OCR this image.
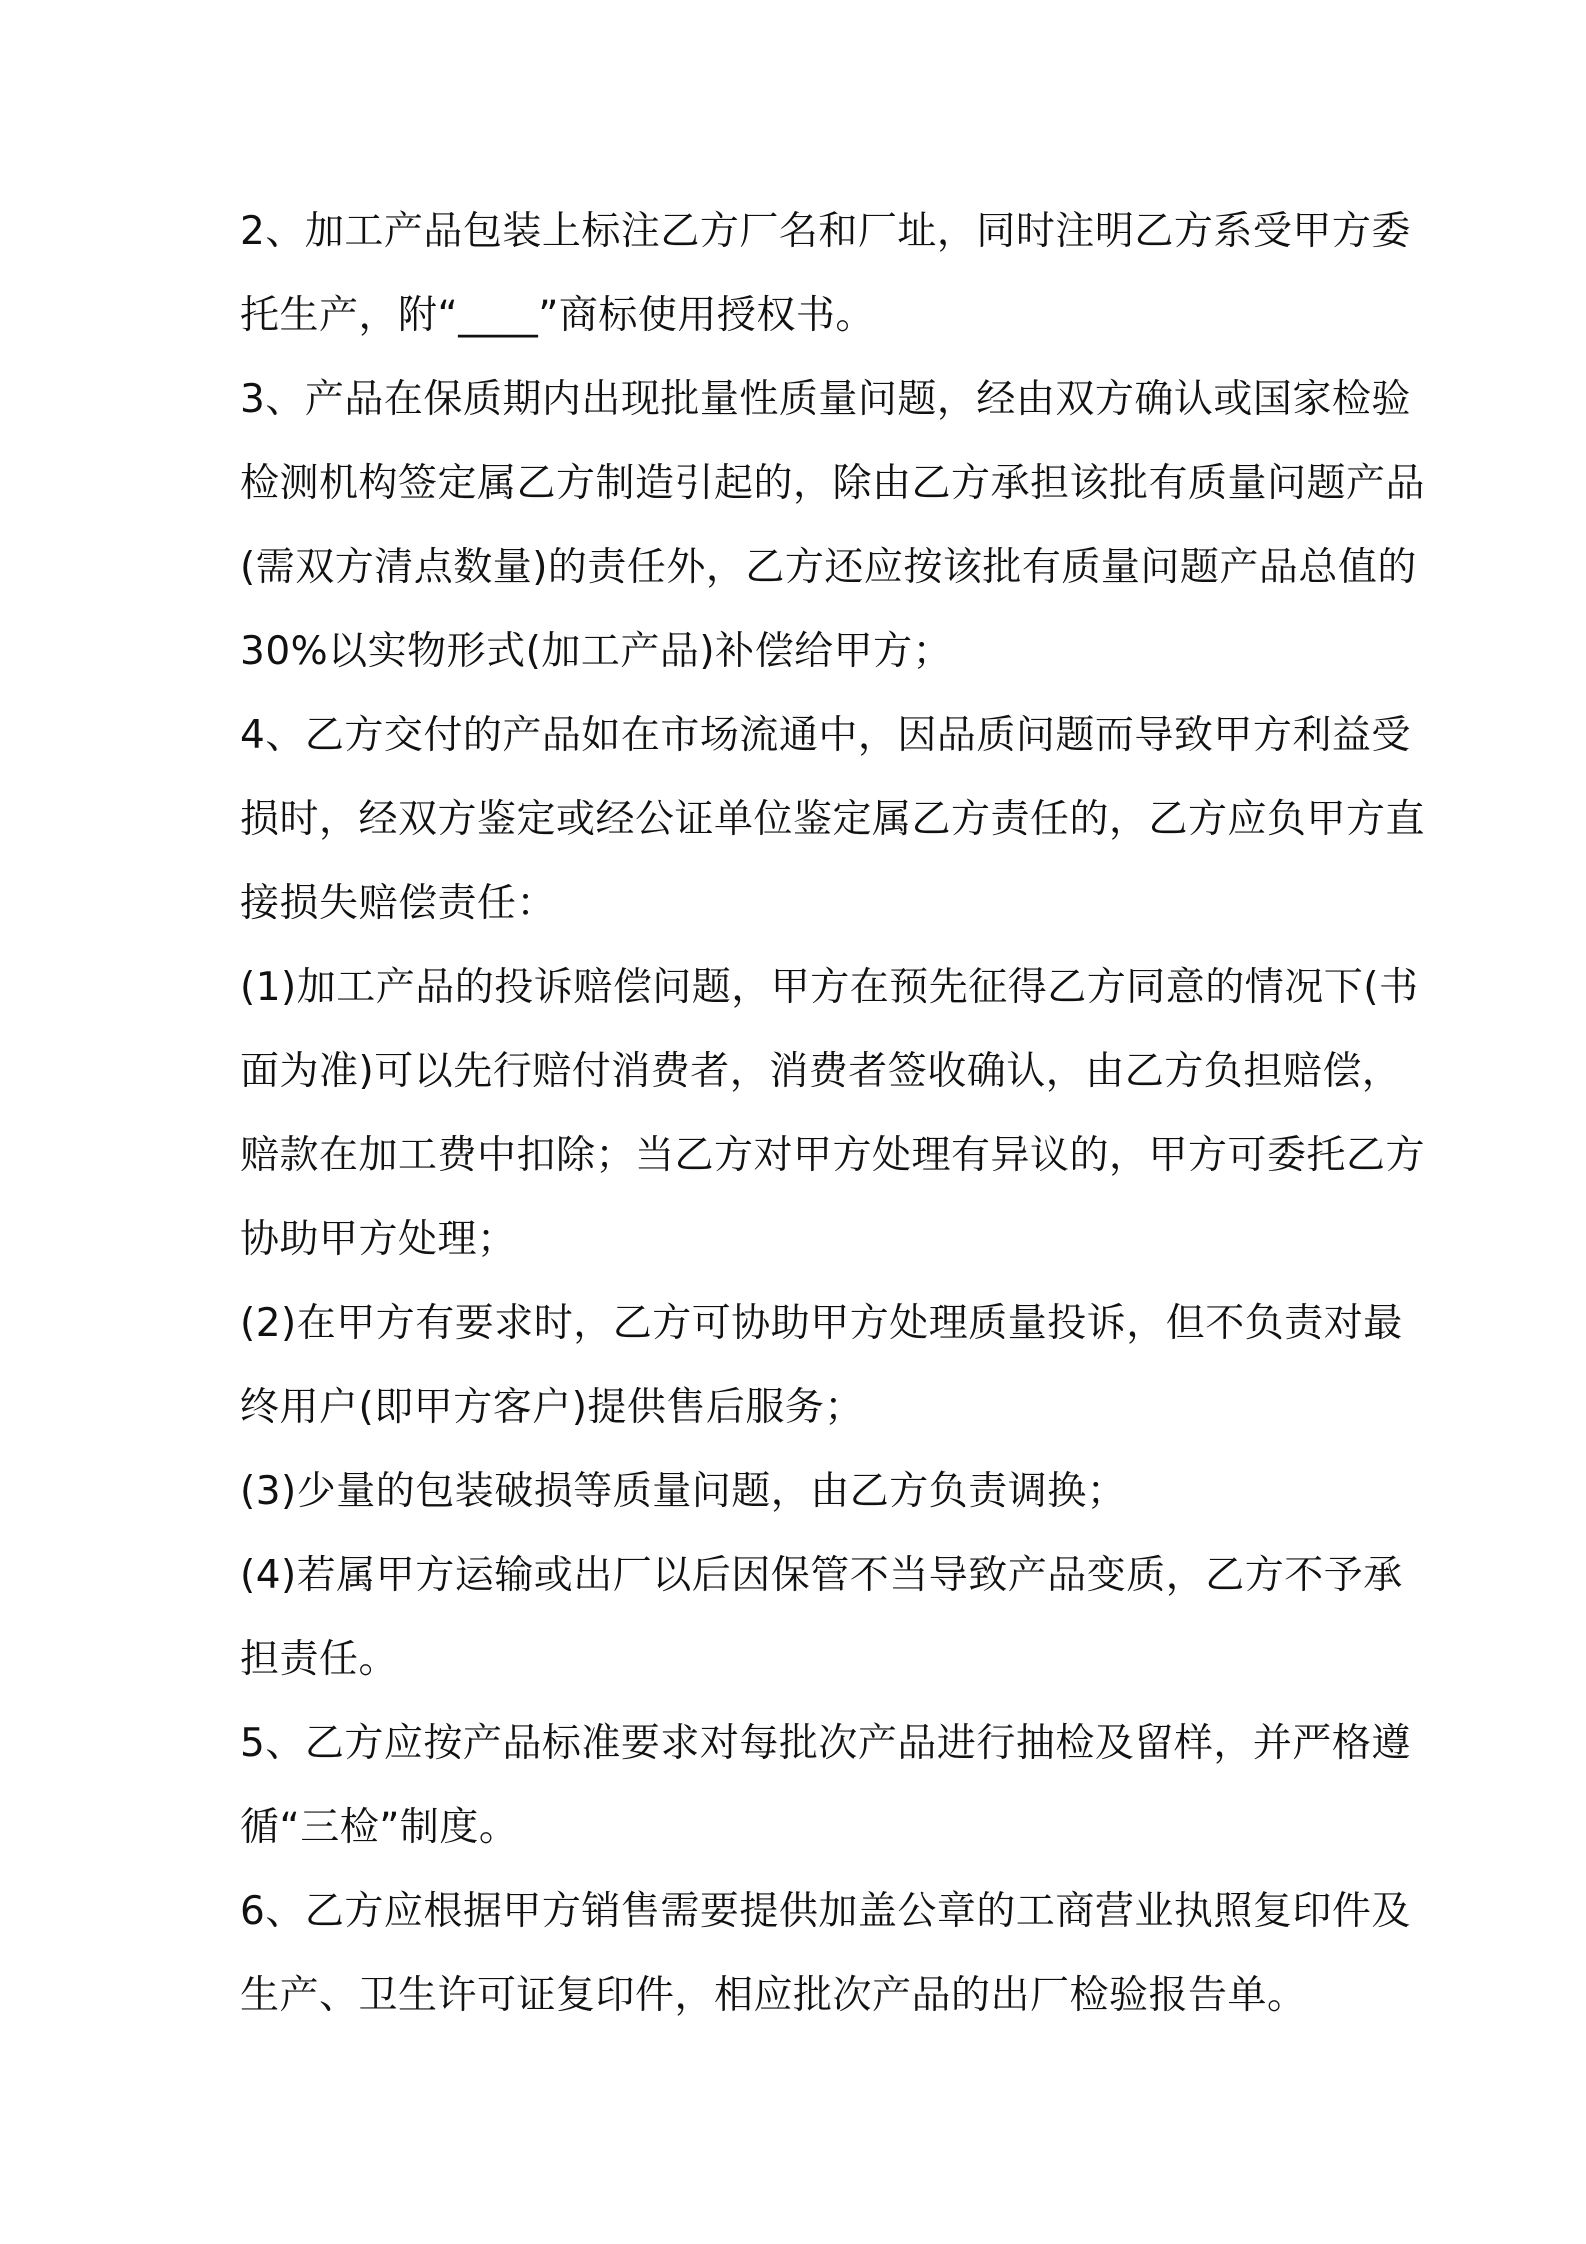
2、加工产品包装上标注乙方厂名和厂址，同时注明乙方系受甲方委
托生产，附“____”商标使用授权书。
3、产品在保质期内出现批量性质量问题，经由双方确认或国家检验
检测机构签定属乙方制造引起的，除由乙方承担该批有质量问题产品
(需双方清点数量)的责任外，乙方还应按该批有质量问题产品总值的
30%以实物形式(加工产品)补偿给甲方；
4、乙方交付的产品如在市场流通中，因品质问题而导致甲方利益受
损时，经双方鉴定或经公证单位鉴定属乙方责任的，乙方应负甲方直
接损失赔偿责任：
(1)加工产品的投诉赔偿问题，甲方在预先征得乙方同意的情况下(书
面为准)可以先行赔付消费者，消费者签收确认，由乙方负担赔偿，
赔款在加工费中扣除；当乙方对甲方处理有异议的，甲方可委托乙方
协助甲方处理；
(2)在甲方有要求时，乙方可协助甲方处理质量投诉，但不负责对最
终用户(即甲方客户)提供售后服务；
(3)少量的包装破损等质量问题，由乙方负责调换；
(4)若属甲方运输或出厂以后因保管不当导致产品变质，乙方不予承
担责任。
5、乙方应按产品标准要求对每批次产品进行抽检及留样，并严格遵
循“三检”制度。
6、乙方应根据甲方销售需要提供加盖公章的工商营业执照复印件及
生产、卫生许可证复印件，相应批次产品的出厂检验报告单。
